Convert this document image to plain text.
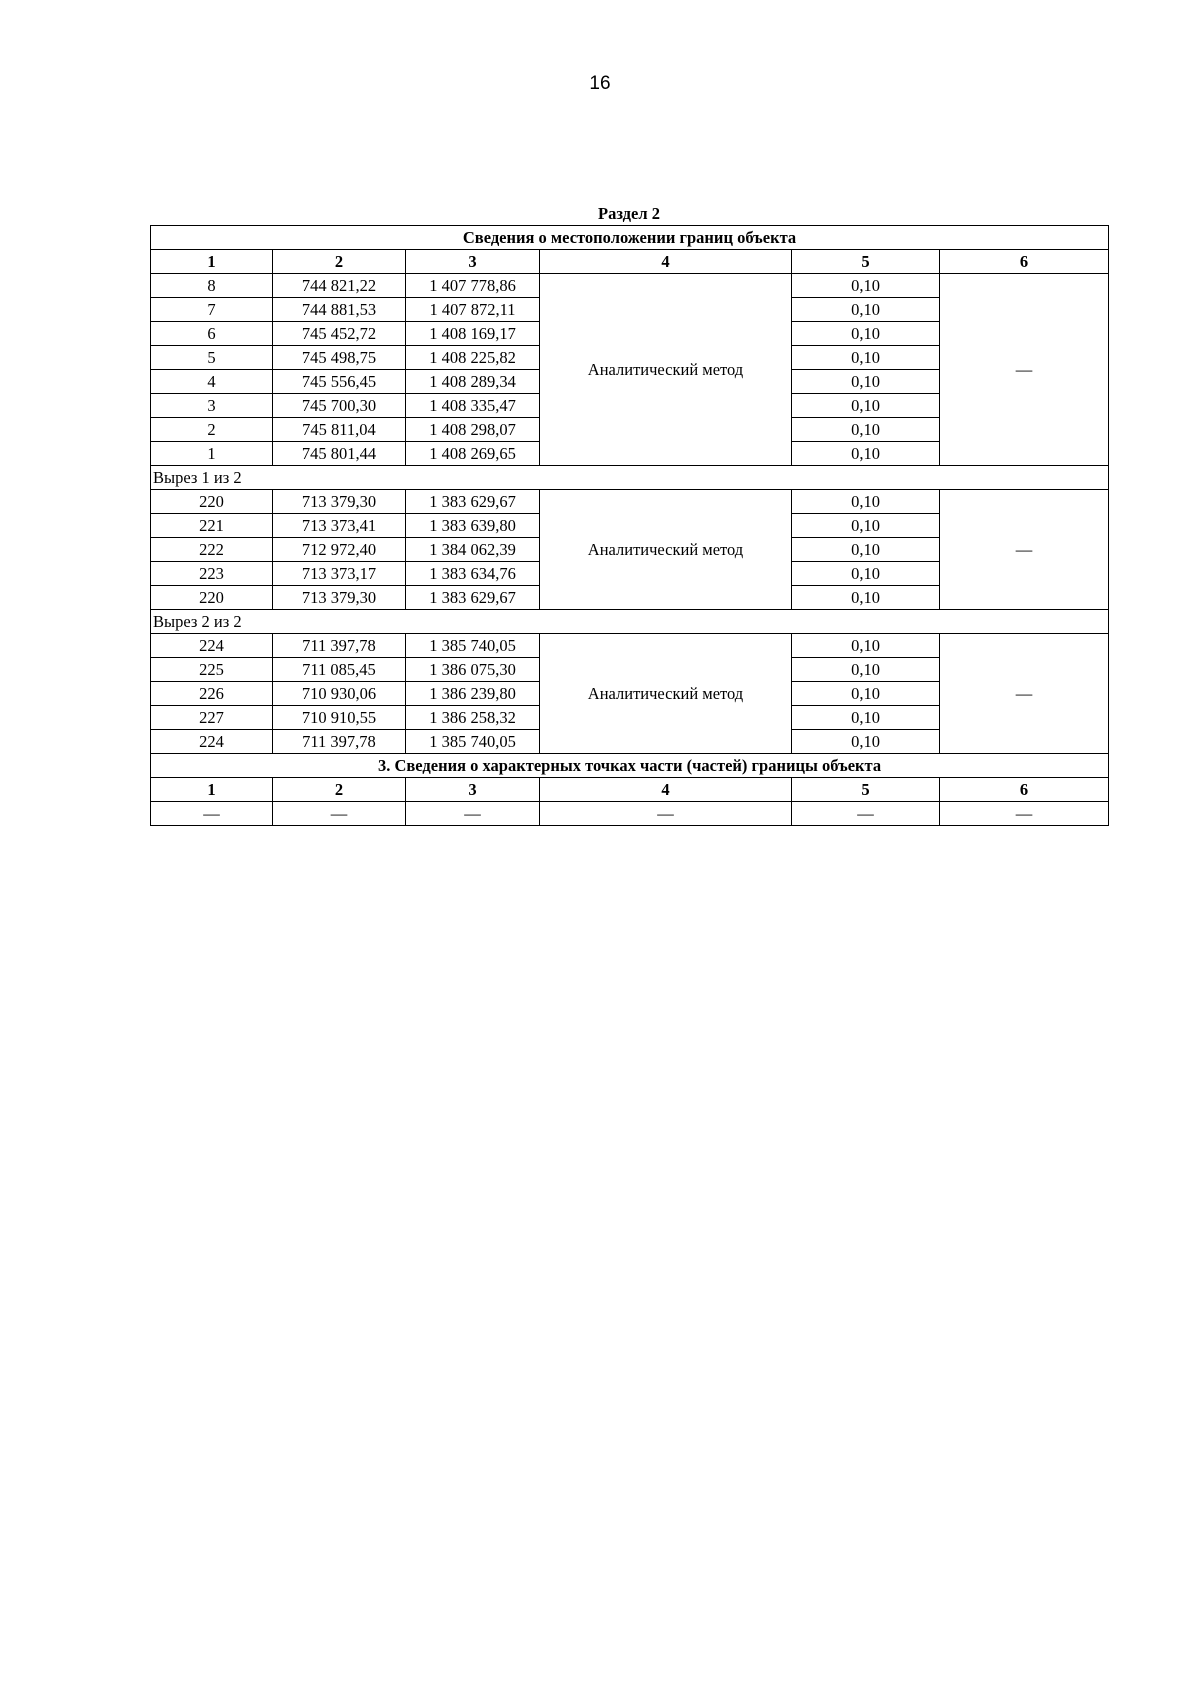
16
Раздел 2
Сведения о местоположении границ объекта					
1	2	3	4	5	6
8	744 821,22	1 407 778,86	Аналитический метод	0,10	—
7	744 881,53	1 407 872,11		0,10	
6	745 452,72	1 408 169,17		0,10	
5	745 498,75	1 408 225,82		0,10	
4	745 556,45	1 408 289,34		0,10	
3	745 700,30	1 408 335,47		0,10	
2	745 811,04	1 408 298,07		0,10	
1	745 801,44	1 408 269,65		0,10	
Вырез 1 из 2					
220	713 379,30	1 383 629,67	Аналитический метод	0,10	—
221	713 373,41	1 383 639,80		0,10	
222	712 972,40	1 384 062,39		0,10	
223	713 373,17	1 383 634,76		0,10	
220	713 379,30	1 383 629,67		0,10	
Вырез 2 из 2					
224	711 397,78	1 385 740,05	Аналитический метод	0,10	—
225	711 085,45	1 386 075,30		0,10	
226	710 930,06	1 386 239,80		0,10	
227	710 910,55	1 386 258,32		0,10	
224	711 397,78	1 385 740,05		0,10	
3. Сведения о характерных точках части (частей) границы объекта					
1	2	3	4	5	6
—	—	—	—	—	—
